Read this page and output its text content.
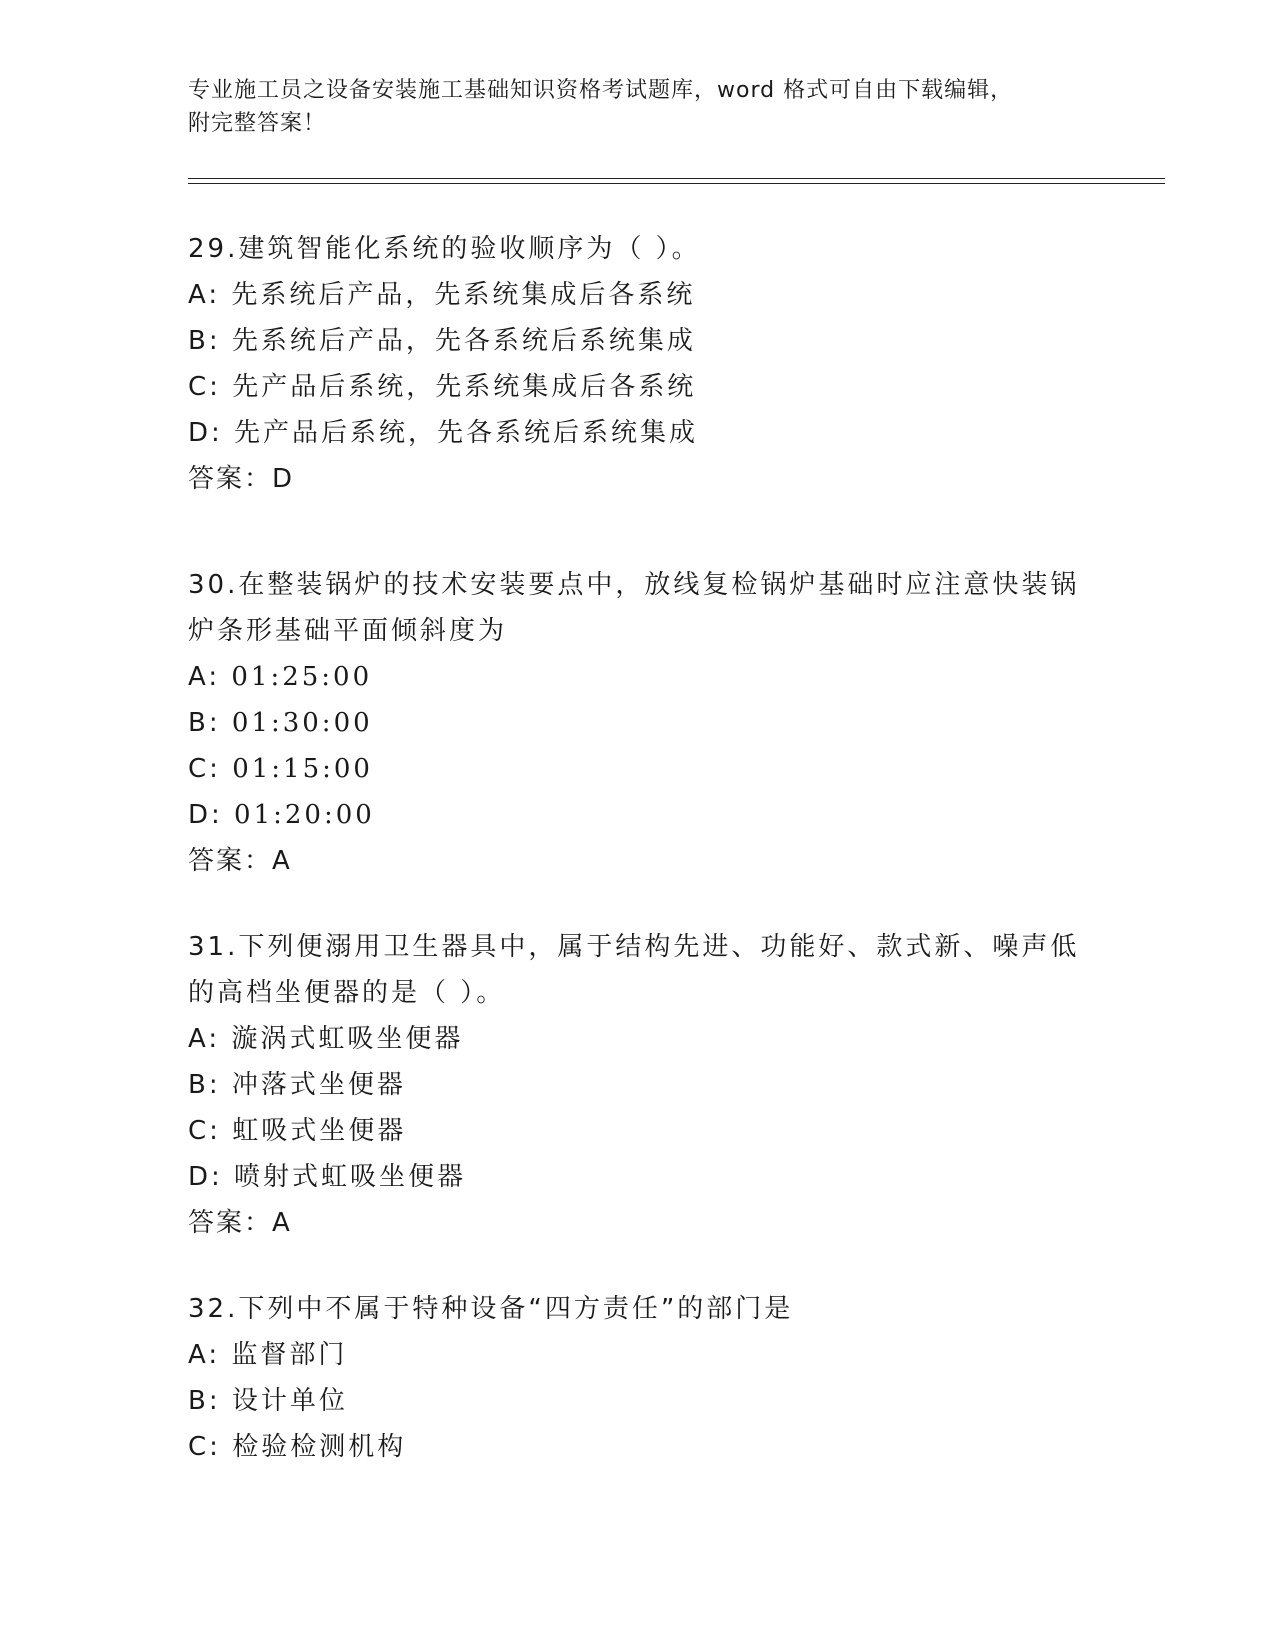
专业施工员之设备安装施工基础知识资格考试题库，word 格式可自由下载编辑，
附完整答案！
29.建筑智能化系统的验收顺序为（ ）。
A: 先系统后产品，先系统集成后各系统
B: 先系统后产品，先各系统后系统集成
C: 先产品后系统，先系统集成后各系统
D: 先产品后系统，先各系统后系统集成
答案：D
30.在整装锅炉的技术安装要点中，放线复检锅炉基础时应注意快装锅
炉条形基础平面倾斜度为
A: 01:25:00
B: 01:30:00
C: 01:15:00
D: 01:20:00
答案：A
31.下列便溺用卫生器具中，属于结构先进、功能好、款式新、噪声低
的高档坐便器的是（ ）。
A: 漩涡式虹吸坐便器
B: 冲落式坐便器
C: 虹吸式坐便器
D: 喷射式虹吸坐便器
答案：A
32.下列中不属于特种设备“四方责任”的部门是
A: 监督部门
B: 设计单位
C: 检验检测机构
